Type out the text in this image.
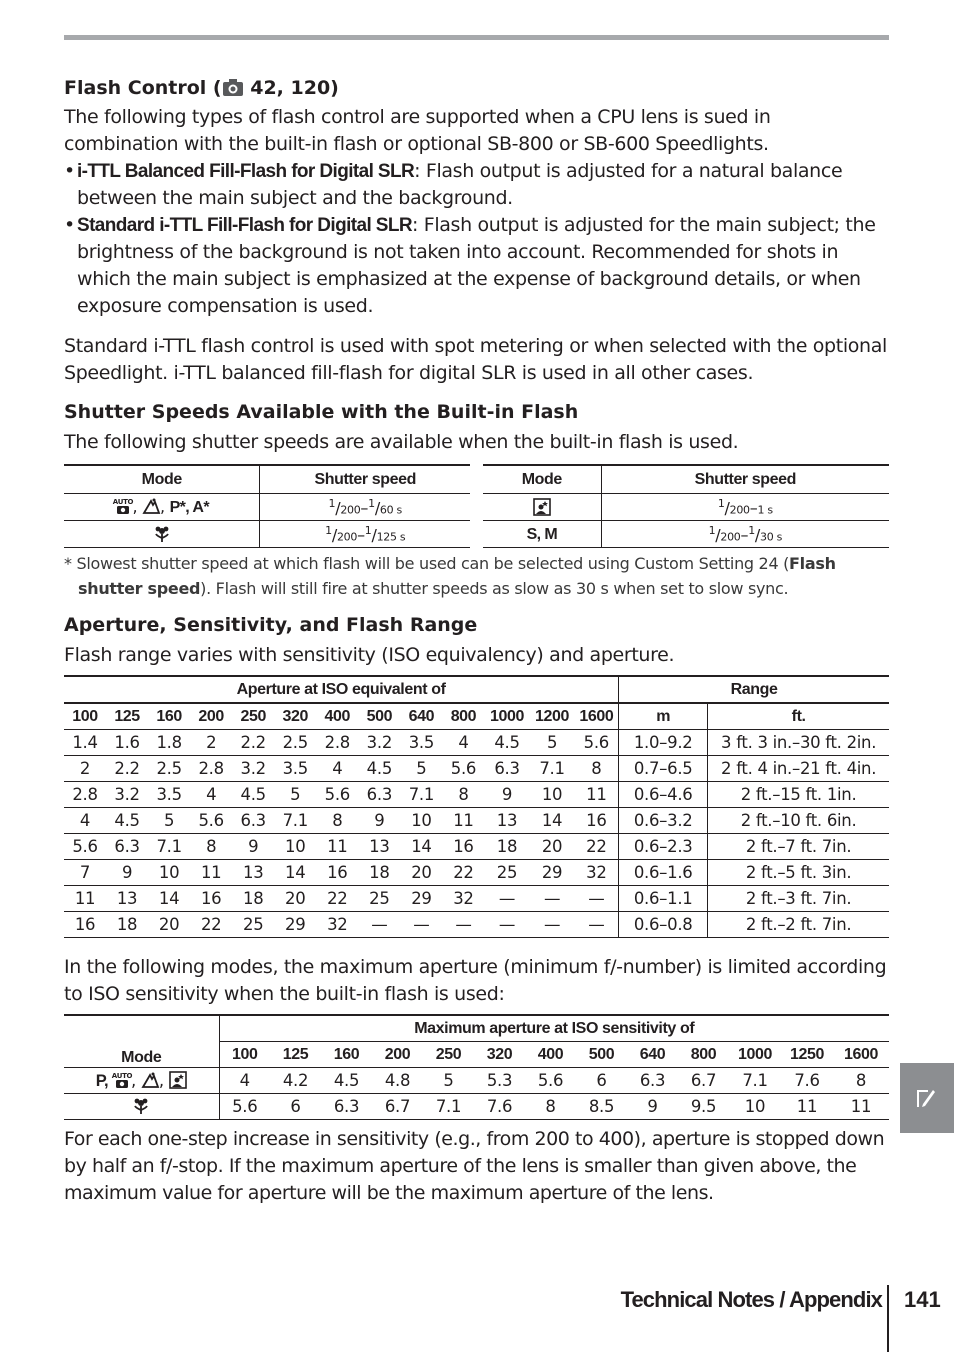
Flash Control ( 42, 120)

The following types of flash control are supported when a CPU lens is sued in combination with the built-in flash or optional SB-800 or SB-600 Speedlights.

• i-TTL Balanced Fill-Flash for Digital SLR: Flash output is adjusted for a natural balance between the main subject and the background.

• Standard i-TTL Fill-Flash for Digital SLR: Flash output is adjusted for the main subject; the brightness of the background is not taken into account. Recommended for shots in which the main subject is emphasized at the expense of background details, or when exposure compensation is used.

Standard i-TTL flash control is used with spot metering or when selected with the optional Speedlight. i-TTL balanced fill-flash for digital SLR is used in all other cases.

Shutter Speeds Available with the Built-in Flash

The following shutter speeds are available when the built-in flash is used.

Mode	Shutter speed

AUTO
, , P*, A*	$^1$/200–$^1$/60 s
	$^1$/200–$^1$/125 s
Mode	Shutter speed
	$^1$/200–1 s
S, M	$^1$/200–$^1$/30 s

* Slowest shutter speed at which flash will be used can be selected using Custom Setting 24 (Flash shutter speed). Flash will still fire at shutter speeds as slow as 30 s when set to slow sync.

Aperture, Sensitivity, and Flash Range

Flash range varies with sensitivity (ISO equivalency) and aperture.

Aperture at ISO equivalent of													Range	
100	125	160	200	250	320	400	500	640	800	1000	1200	1600	m	ft.
1.4	1.6	1.8	2	2.2	2.5	2.8	3.2	3.5	4	4.5	5	5.6	1.0–9.2	3 ft. 3 in.–30 ft. 2in.
2	2.2	2.5	2.8	3.2	3.5	4	4.5	5	5.6	6.3	7.1	8	0.7–6.5	2 ft. 4 in.–21 ft. 4in.
2.8	3.2	3.5	4	4.5	5	5.6	6.3	7.1	8	9	10	11	0.6–4.6	2 ft.–15 ft. 1in.
4	4.5	5	5.6	6.3	7.1	8	9	10	11	13	14	16	0.6–3.2	2 ft.–10 ft. 6in.
5.6	6.3	7.1	8	9	10	11	13	14	16	18	20	22	0.6–2.3	2 ft.–7 ft. 7in.
7	9	10	11	13	14	16	18	20	22	25	29	32	0.6–1.6	2 ft.–5 ft. 3in.
11	13	14	16	18	20	22	25	29	32	—	—	—	0.6–1.1	2 ft.–3 ft. 7in.
16	18	20	22	25	29	32	—	—	—	—	—	—	0.6–0.8	2 ft.–2 ft. 7in.

In the following modes, the maximum aperture (minimum f/-number) is limited according to ISO sensitivity when the built-in flash is used:

Mode	Maximum aperture at ISO sensitivity of												
	100	125	160	200	250	320	400	500	640	800	1000	1250	1600
P, AUTO
, ,	4	4.2	4.5	4.8	5	5.3	5.6	6	6.3	6.7	7.1	7.6	8
	5.6	6	6.3	6.7	7.1	7.6	8	8.5	9	9.5	10	11	11

For each one-step increase in sensitivity (e.g., from 200 to 400), aperture is stopped down by half an f/-stop. If the maximum aperture of the lens is smaller than given above, the maximum value for aperture will be the maximum aperture of the lens.

Technical Notes / Appendix 141
